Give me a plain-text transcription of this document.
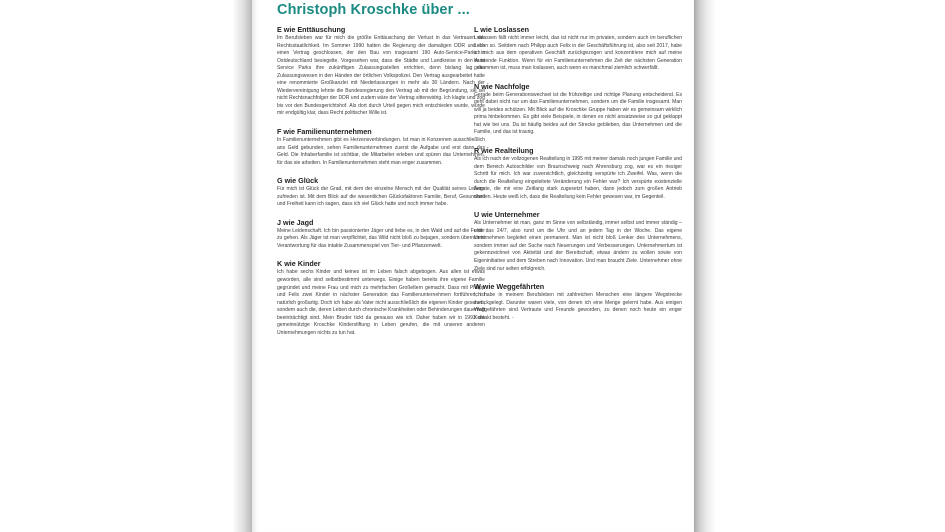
Christoph Kroschke über ...
E wie Enttäuschung

Im Berufsleben war für mich die größte Enttäuschung der Verlust in das Vertrauen der Rechtsstaatlichkeit. Im Sommer 1990 hatten die Regierung der damaligen DDR und ich einen Vertrag geschlossen, der den Bau von insgesamt 190 Auto-Service-Parks in Ostdeutschland besiegelte. Vorgesehen war, dass die Städte und Landkreise in den Auto Service Parks ihre zukünftigen Zulassungsstellen errichten, denn bislang lag das Zulassungswesen in den Händen der örtlichen Volkspolizei. Den Vertrag ausgearbeitet hatte eine renommierte Großkanzlei mit Niederlassungen in mehr als 30 Ländern. Nach der Wiedervereinigung lehnte die Bundesregierung den Vertrag ab mit der Begründung, sie sei nicht Rechtsnachfolger der DDR und zudem wäre der Vertrag sittenwidrig. Ich klagte und zog bis vor den Bundesgerichtshof. Als dort durch Urteil gegen mich entschieden wurde, wurde mir endgültig klar, dass Recht politischer Wille ist.

F wie Familienunternehmen

In Familienunternehmen gibt es Herzensverbindungen. Ist man in Konzernen ausschließlich ans Geld gebunden, sehen Familienunternehmen zuerst die Aufgabe und erst dann das Geld. Die Inhaberfamilie ist sichtbar, die Mitarbeiter erleben und spüren das Unternehmen, für das sie arbeiten. In Familienunternehmen steht man enger zusammen.

G wie Glück

Für mich ist Glück der Grad, mit dem der einzelne Mensch mit der Qualität seines Lebens zufrieden ist. Mit dem Blick auf die wesentlichen Glücksfaktoren Familie, Beruf, Gesundheit und Freiheit kann ich sagen, dass ich viel Glück hatte und noch immer habe.

J wie Jagd

Meine Leidenschaft. Ich bin passionierter Jäger und liebe es, in den Wald und auf die Felder zu gehen. Als Jäger ist man verpflichtet, das Wild nicht bloß zu bejagen, sondern übernimmt Verantwortung für das intakte Zusammenspiel von Tier- und Pflanzenwelt.

K wie Kinder

Ich habe sechs Kinder und keines ist im Leben falsch abgebogen. Aus allen ist etwas geworden, alle sind selbstbestimmt unterwegs. Einige haben bereits ihre eigene Familie gegründet und meine Frau und mich zu mehrfachen Großeltern gemacht. Dass mit Philipp und Felix zwei Kinder in nächster Generation das Familienunternehmen fortführen, ist natürlich großartig. Doch ich habe als Vater nicht ausschließlich die eigenen Kinder gesehen, sondern auch die, deren Leben durch chronische Krankheiten oder Behinderungen dauerhaft beeinträchtigt sind. Mein Bruder tickt da genauso wie ich. Daher haben wir in 1993 die gemeinnützige Kroschke Kinderstiftung in Leben gerufen, die mit unseren anderen Unternehmungen nichts zu tun hat.

L wie Loslassen

Loslassen fällt nicht immer leicht, das ist nicht nur im privaten, sondern auch im beruflichen Leben so. Seitdem nach Philipp auch Felix in der Geschäftsführung ist, also seit 2017, habe ich mich aus dem operativen Geschäft zurückgezogen und konzentriere mich auf meine beratende Funktion. Wenn für ein Familienunternehmen die Zeit der nächsten Generation gekommen ist, muss man loslassen, auch wenn es manchmal ziemlich schwerfällt.

N wie Nachfolge

Gerade beim Generationswechsel ist die frühzeitige und richtige Planung entscheidend. Es geht dabei nicht nur um das Familienunternehmen, sondern um die Familie insgesamt. Man will ja beides schützen. Mit Blick auf die Kroschke Gruppe haben wir es gemeinsam wirklich prima hinbekommen. Es gibt viele Beispiele, in denen es nicht ansatzweise so gut geklappt hat wie bei uns. Da ist häufig beides auf der Strecke geblieben, das Unternehmen und die Familie, und das ist traurig.

R wie Realteilung

Als ich nach der vollzogenen Realteilung in 1995 mit meiner damals noch jungen Familie und dem Bereich Autoschilder von Braunschweig nach Ahrensburg zog, war es ein riesiger Schritt für mich. Ich war zuversichtlich, gleichzeitig verspürte ich Zweifel. Was, wenn die durch die Realteilung eingeleitete Veränderung ein Fehler war? Ich verspürte existenzielle Ängste, die mir eine Zeitlang stark zugesetzt haben, dann jedoch zum großen Antrieb wurden. Heute weiß ich, dass die Realteilung kein Fehler gewesen war, im Gegenteil.

U wie Unternehmer

Als Unternehmer ist man, ganz im Sinne von selbständig, immer selbst und immer ständig – und das 24/7, also rund um die Uhr und an jedem Tag in der Woche. Das eigene Unternehmen begleitet einen permanent. Man ist nicht bloß Lenker des Unternehmens, sondern immer auf der Suche nach Neuerungen und Verbesserungen. Unternehmertum ist gekennzeichnet von Aktivität und der Bereitschaft, etwas ändern zu wollen sowie von Eigeninitiative und dem Streben nach Innovation. Und man braucht Ziele. Unternehmer ohne Ziele sind nur selten erfolgreich.

W wie Weggefährten

Ich habe in meinem Berufsleben mit zahlreichen Menschen eine längere Wegstrecke zurückgelegt. Darunter waren viele, von denen ich eine Menge gelernt habe. Aus einigen Weggefährten sind Vertraute und Freunde geworden, zu denen noch heute ein enger Kontakt besteht. ◦
